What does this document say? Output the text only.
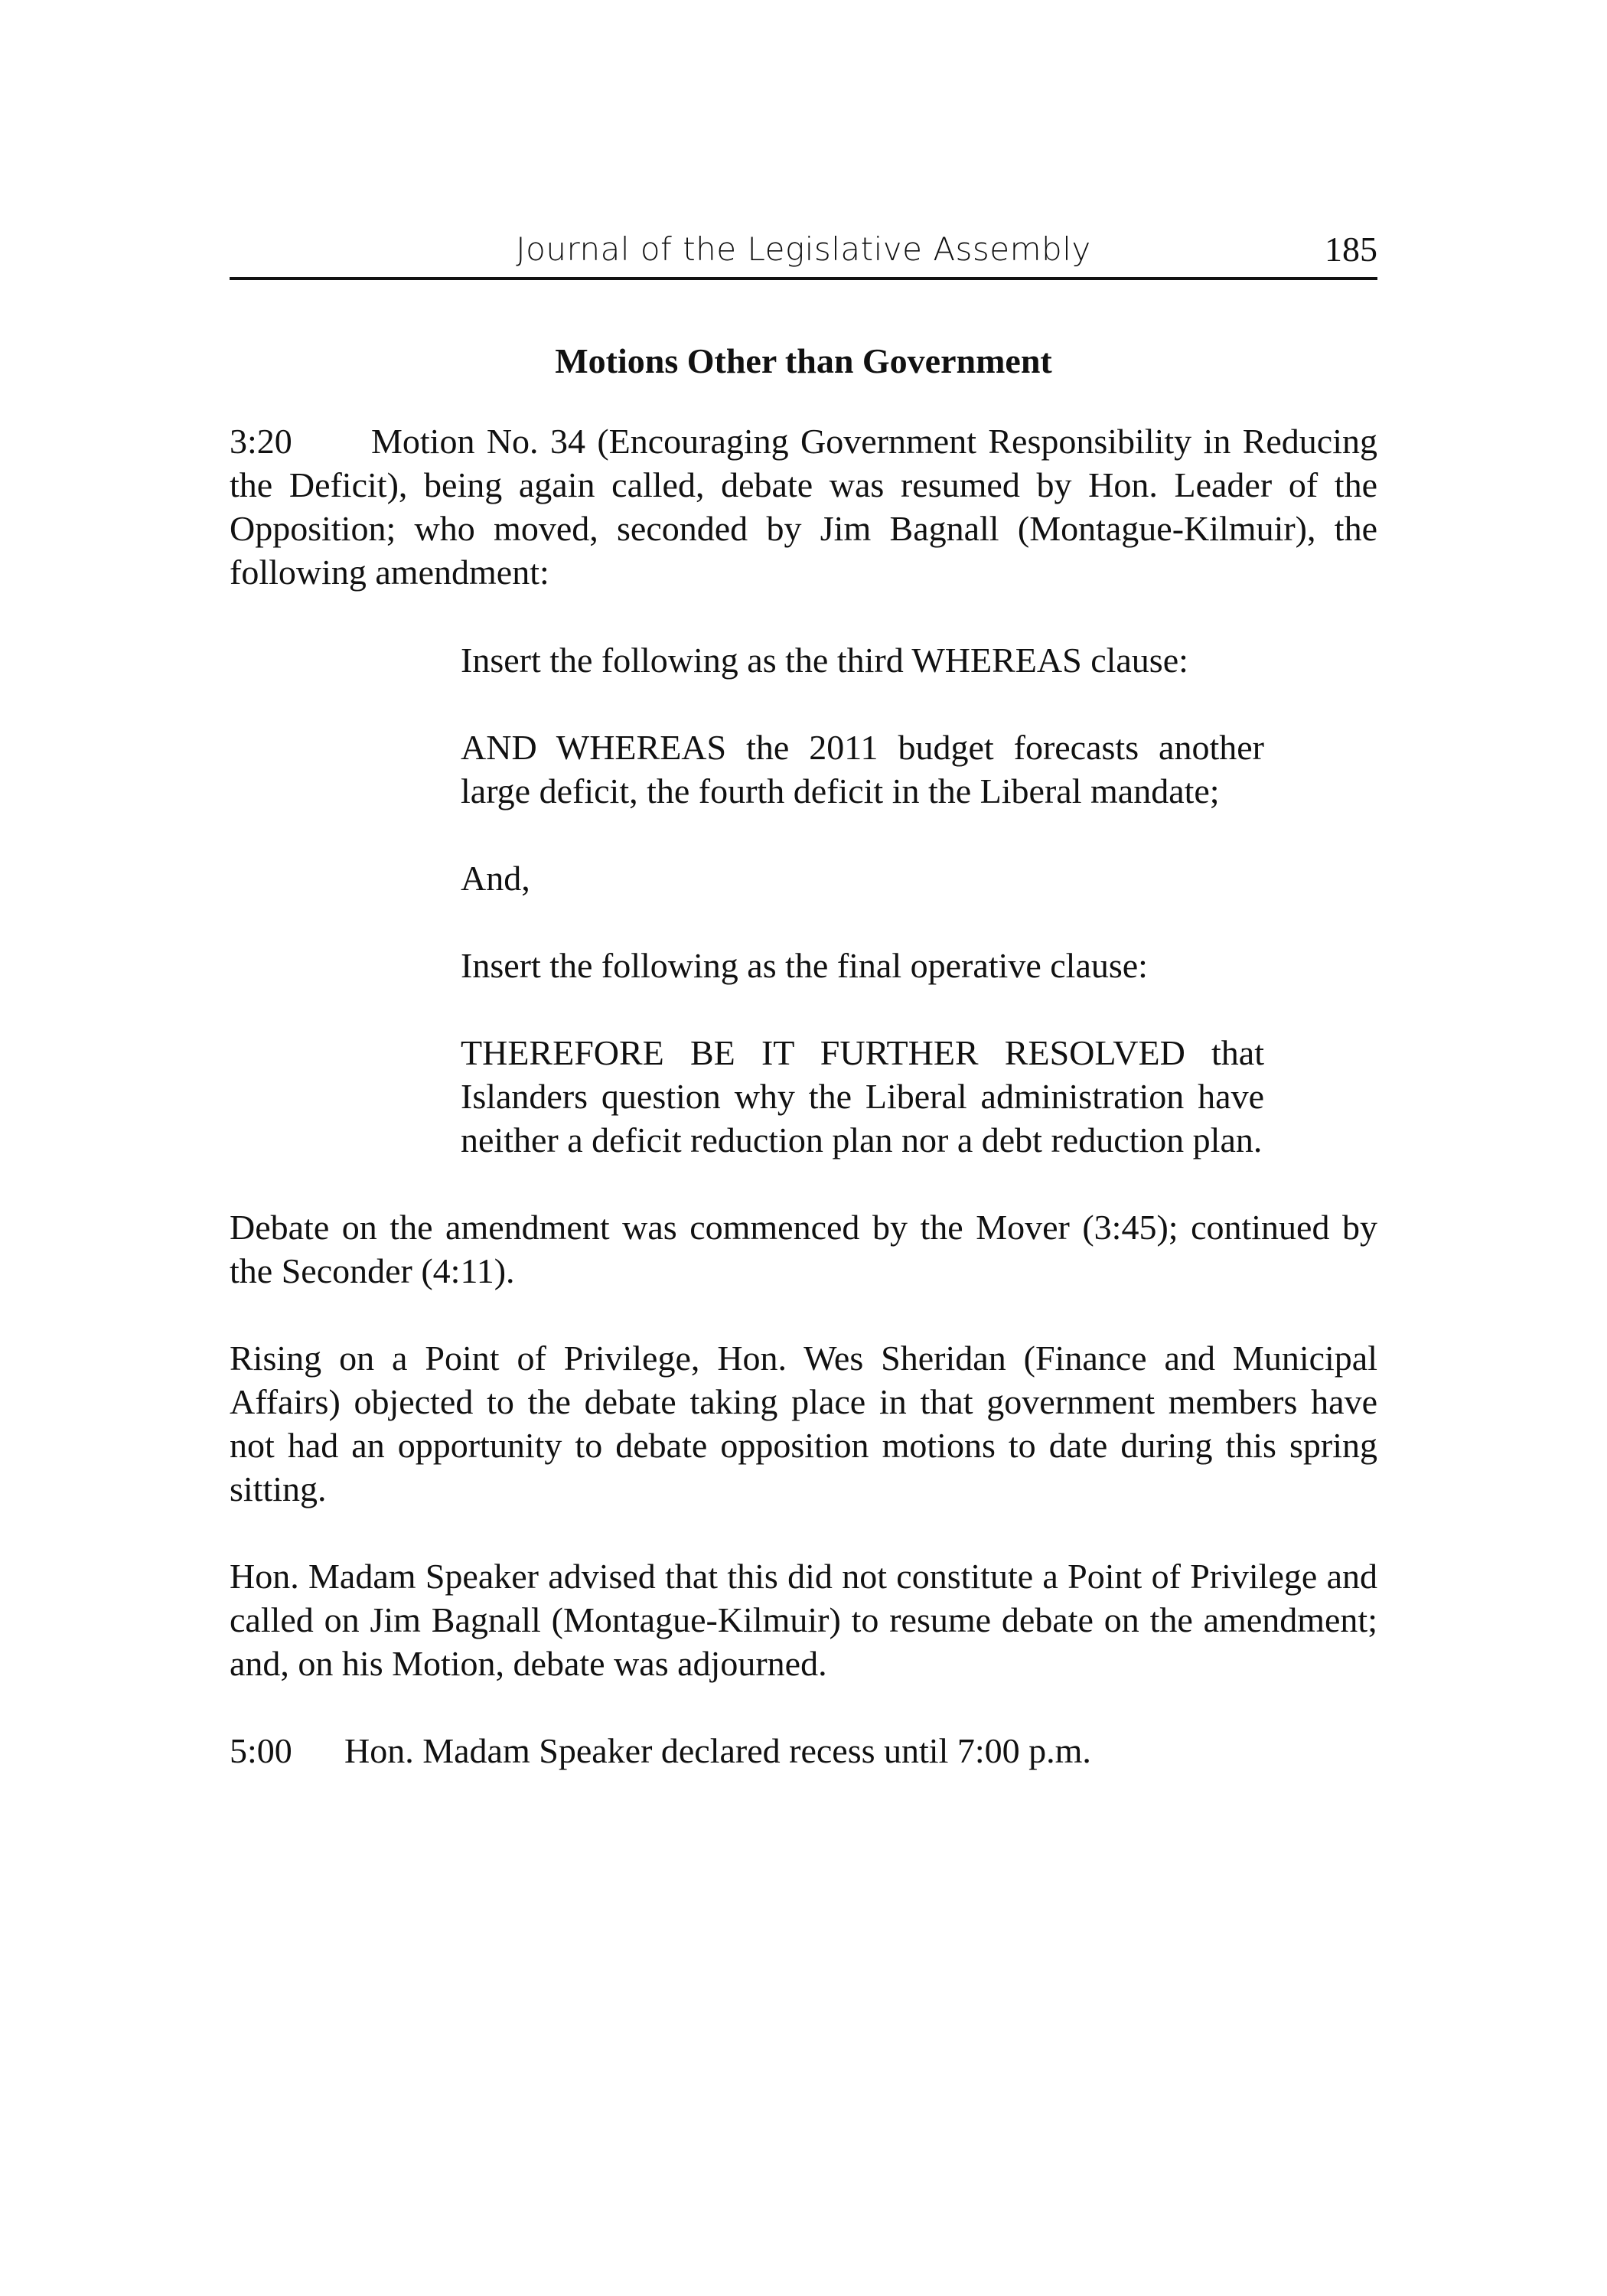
Journal of the Legislative Assembly	185
Motions Other than Government

3:20 Motion No. 34 (Encouraging Government Responsibility in Reducing the Deficit), being again called, debate was resumed by Hon. Leader of the Opposition; who moved, seconded by Jim Bagnall (Montague-Kilmuir), the following amendment:

Insert the following as the third WHEREAS clause:

AND WHEREAS the 2011 budget forecasts another large deficit, the fourth deficit in the Liberal mandate;

And,

Insert the following as the final operative clause:

THEREFORE BE IT FURTHER RESOLVED that Islanders question why the Liberal administration have neither a deficit reduction plan nor a debt reduction plan.

Debate on the amendment was commenced by the Mover (3:45); continued by the Seconder (4:11).

Rising on a Point of Privilege, Hon. Wes Sheridan (Finance and Municipal Affairs) objected to the debate taking place in that government members have not had an opportunity to debate opposition motions to date during this spring sitting.

Hon. Madam Speaker advised that this did not constitute a Point of Privilege and called on Jim Bagnall (Montague-Kilmuir) to resume debate on the amendment; and, on his Motion, debate was adjourned.

5:00 Hon. Madam Speaker declared recess until 7:00 p.m.
